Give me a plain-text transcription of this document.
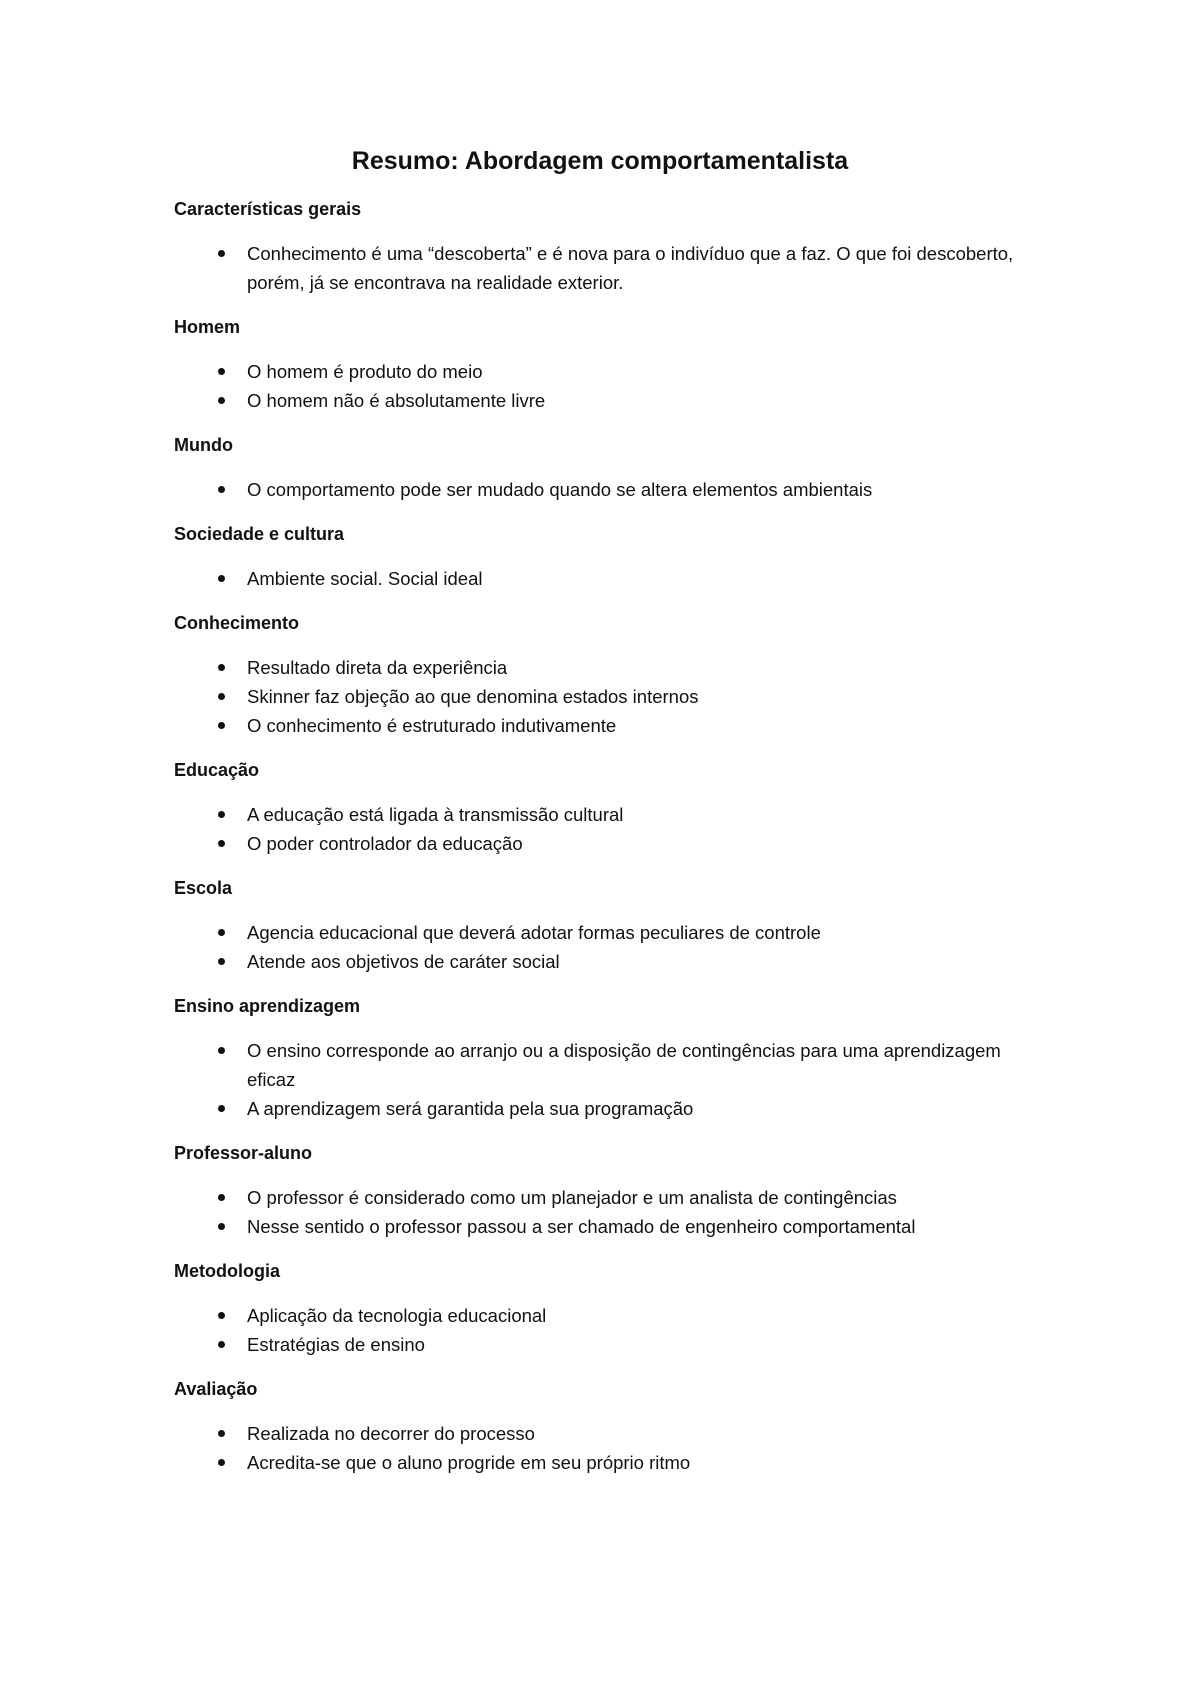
Resumo: Abordagem comportamentalista
Características gerais
Conhecimento é uma “descoberta” e é nova para o indivíduo que a faz. O que foi descoberto, porém, já se encontrava na realidade exterior.
Homem
O homem é produto do meio
O homem não é absolutamente livre
Mundo
O comportamento pode ser mudado quando se altera elementos ambientais
Sociedade e cultura
Ambiente social. Social ideal
Conhecimento
Resultado direta da experiência
Skinner faz objeção ao que denomina estados internos
O conhecimento é estruturado indutivamente
Educação
A educação está ligada à transmissão cultural
O poder controlador da educação
Escola
Agencia educacional que deverá adotar formas peculiares de controle
Atende aos objetivos de caráter social
Ensino aprendizagem
O ensino corresponde ao arranjo ou a disposição de contingências para uma aprendizagem eficaz
A aprendizagem será garantida pela sua programação
Professor-aluno
O professor é considerado como um planejador e um analista de contingências
Nesse sentido o professor passou a ser chamado de engenheiro comportamental
Metodologia
Aplicação da tecnologia educacional
Estratégias de ensino
Avaliação
Realizada no decorrer do processo
Acredita-se que o aluno progride em seu próprio ritmo
